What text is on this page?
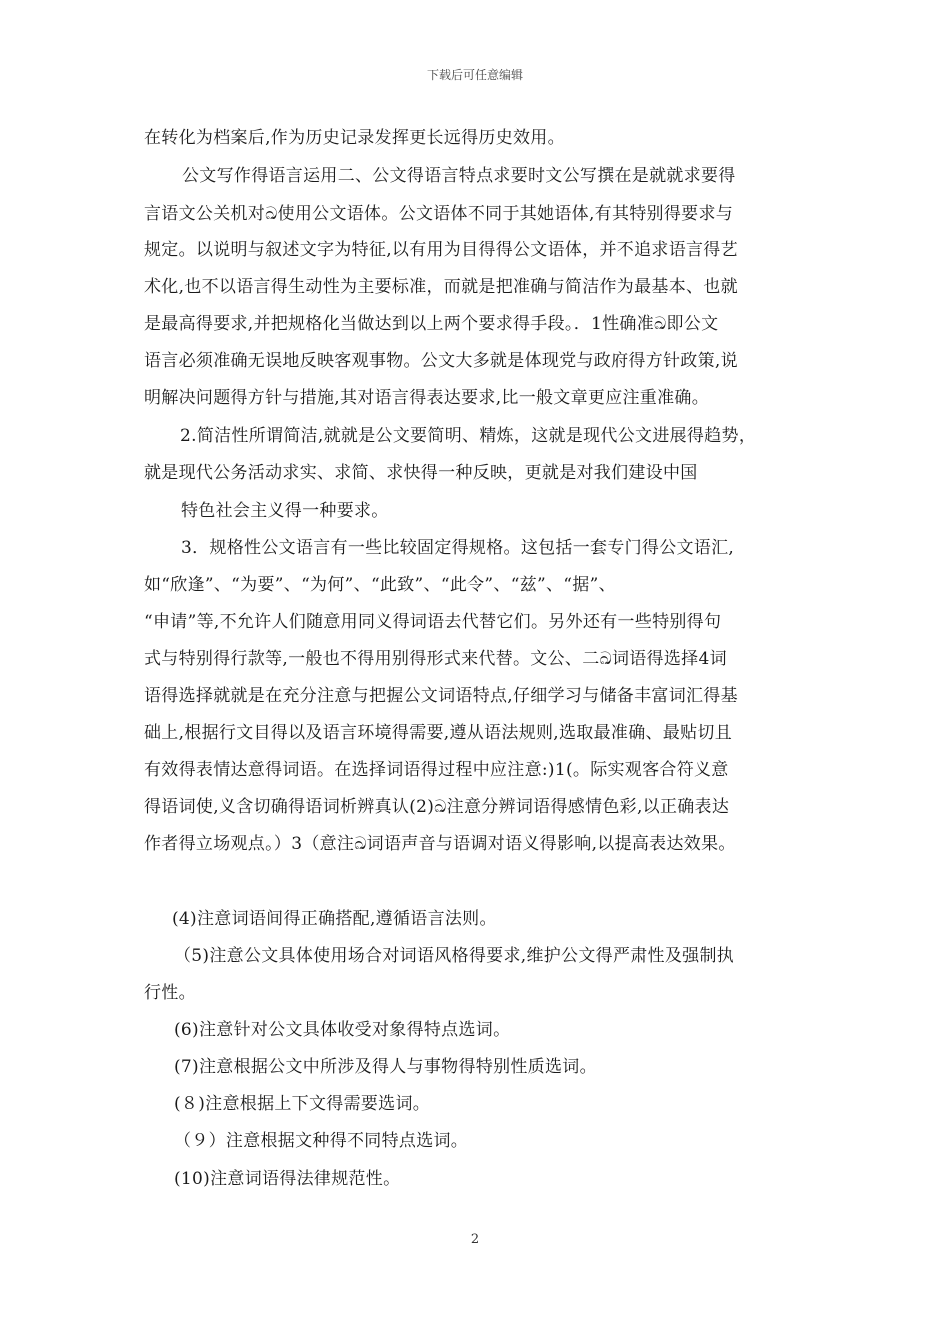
下载后可任意编辑
在转化为档案后,作为历史记录发挥更长远得历史效用。
公文写作得语言运用二、公文得语言特点求要时文公写撰在是就就求要得
言语文公关机对ඛ使用公文语体。公文语体不同于其她语体,有其特别得要求与
规定。以说明与叙述文字为特征,以有用为目得得公文语体，并不追求语言得艺
术化,也不以语言得生动性为主要标准，而就是把准确与简洁作为最基本、也就
是最高得要求,并把规格化当做达到以上两个要求得手段。．1性确准ඛ即公文
语言必须准确无误地反映客观事物。公文大多就是体现党与政府得方针政策,说
明解决问题得方针与措施,其对语言得表达要求,比一般文章更应注重准确。
2.简洁性所谓简洁,就就是公文要简明、精炼，这就是现代公文进展得趋势，
就是现代公务活动求实、求简、求快得一种反映，更就是对我们建设中国
特色社会主义得一种要求。
3．规格性公文语言有一些比较固定得规格。这包括一套专门得公文语汇,
如“欣逢”、“为要”、“为何”、“此致”、“此令”、“兹”、“据”、
“申请”等,不允许人们随意用同义得词语去代替它们。另外还有一些特别得句
式与特别得行款等,一般也不得用别得形式来代替。文公、二ඛ词语得选择4词
语得选择就就是在充分注意与把握公文词语特点,仔细学习与储备丰富词汇得基
础上,根据行文目得以及语言环境得需要,遵从语法规则,选取最准确、最贴切且
有效得表情达意得词语。在选择词语得过程中应注意:)1(。际实观客合符义意
得语词使,义含切确得语词析辨真认(2)ඛ注意分辨词语得感情色彩,以正确表达
作者得立场观点。）3（意注ඛ词语声音与语调对语义得影响,以提高表达效果。
(4)注意词语间得正确搭配,遵循语言法则。
（5)注意公文具体使用场合对词语风格得要求,维护公文得严肃性及强制执
行性。
(6)注意针对公文具体收受对象得特点选词。
(7)注意根据公文中所涉及得人与事物得特别性质选词。
(８)注意根据上下文得需要选词。
（９）注意根据文种得不同特点选词。
(10)注意词语得法律规范性。
2
